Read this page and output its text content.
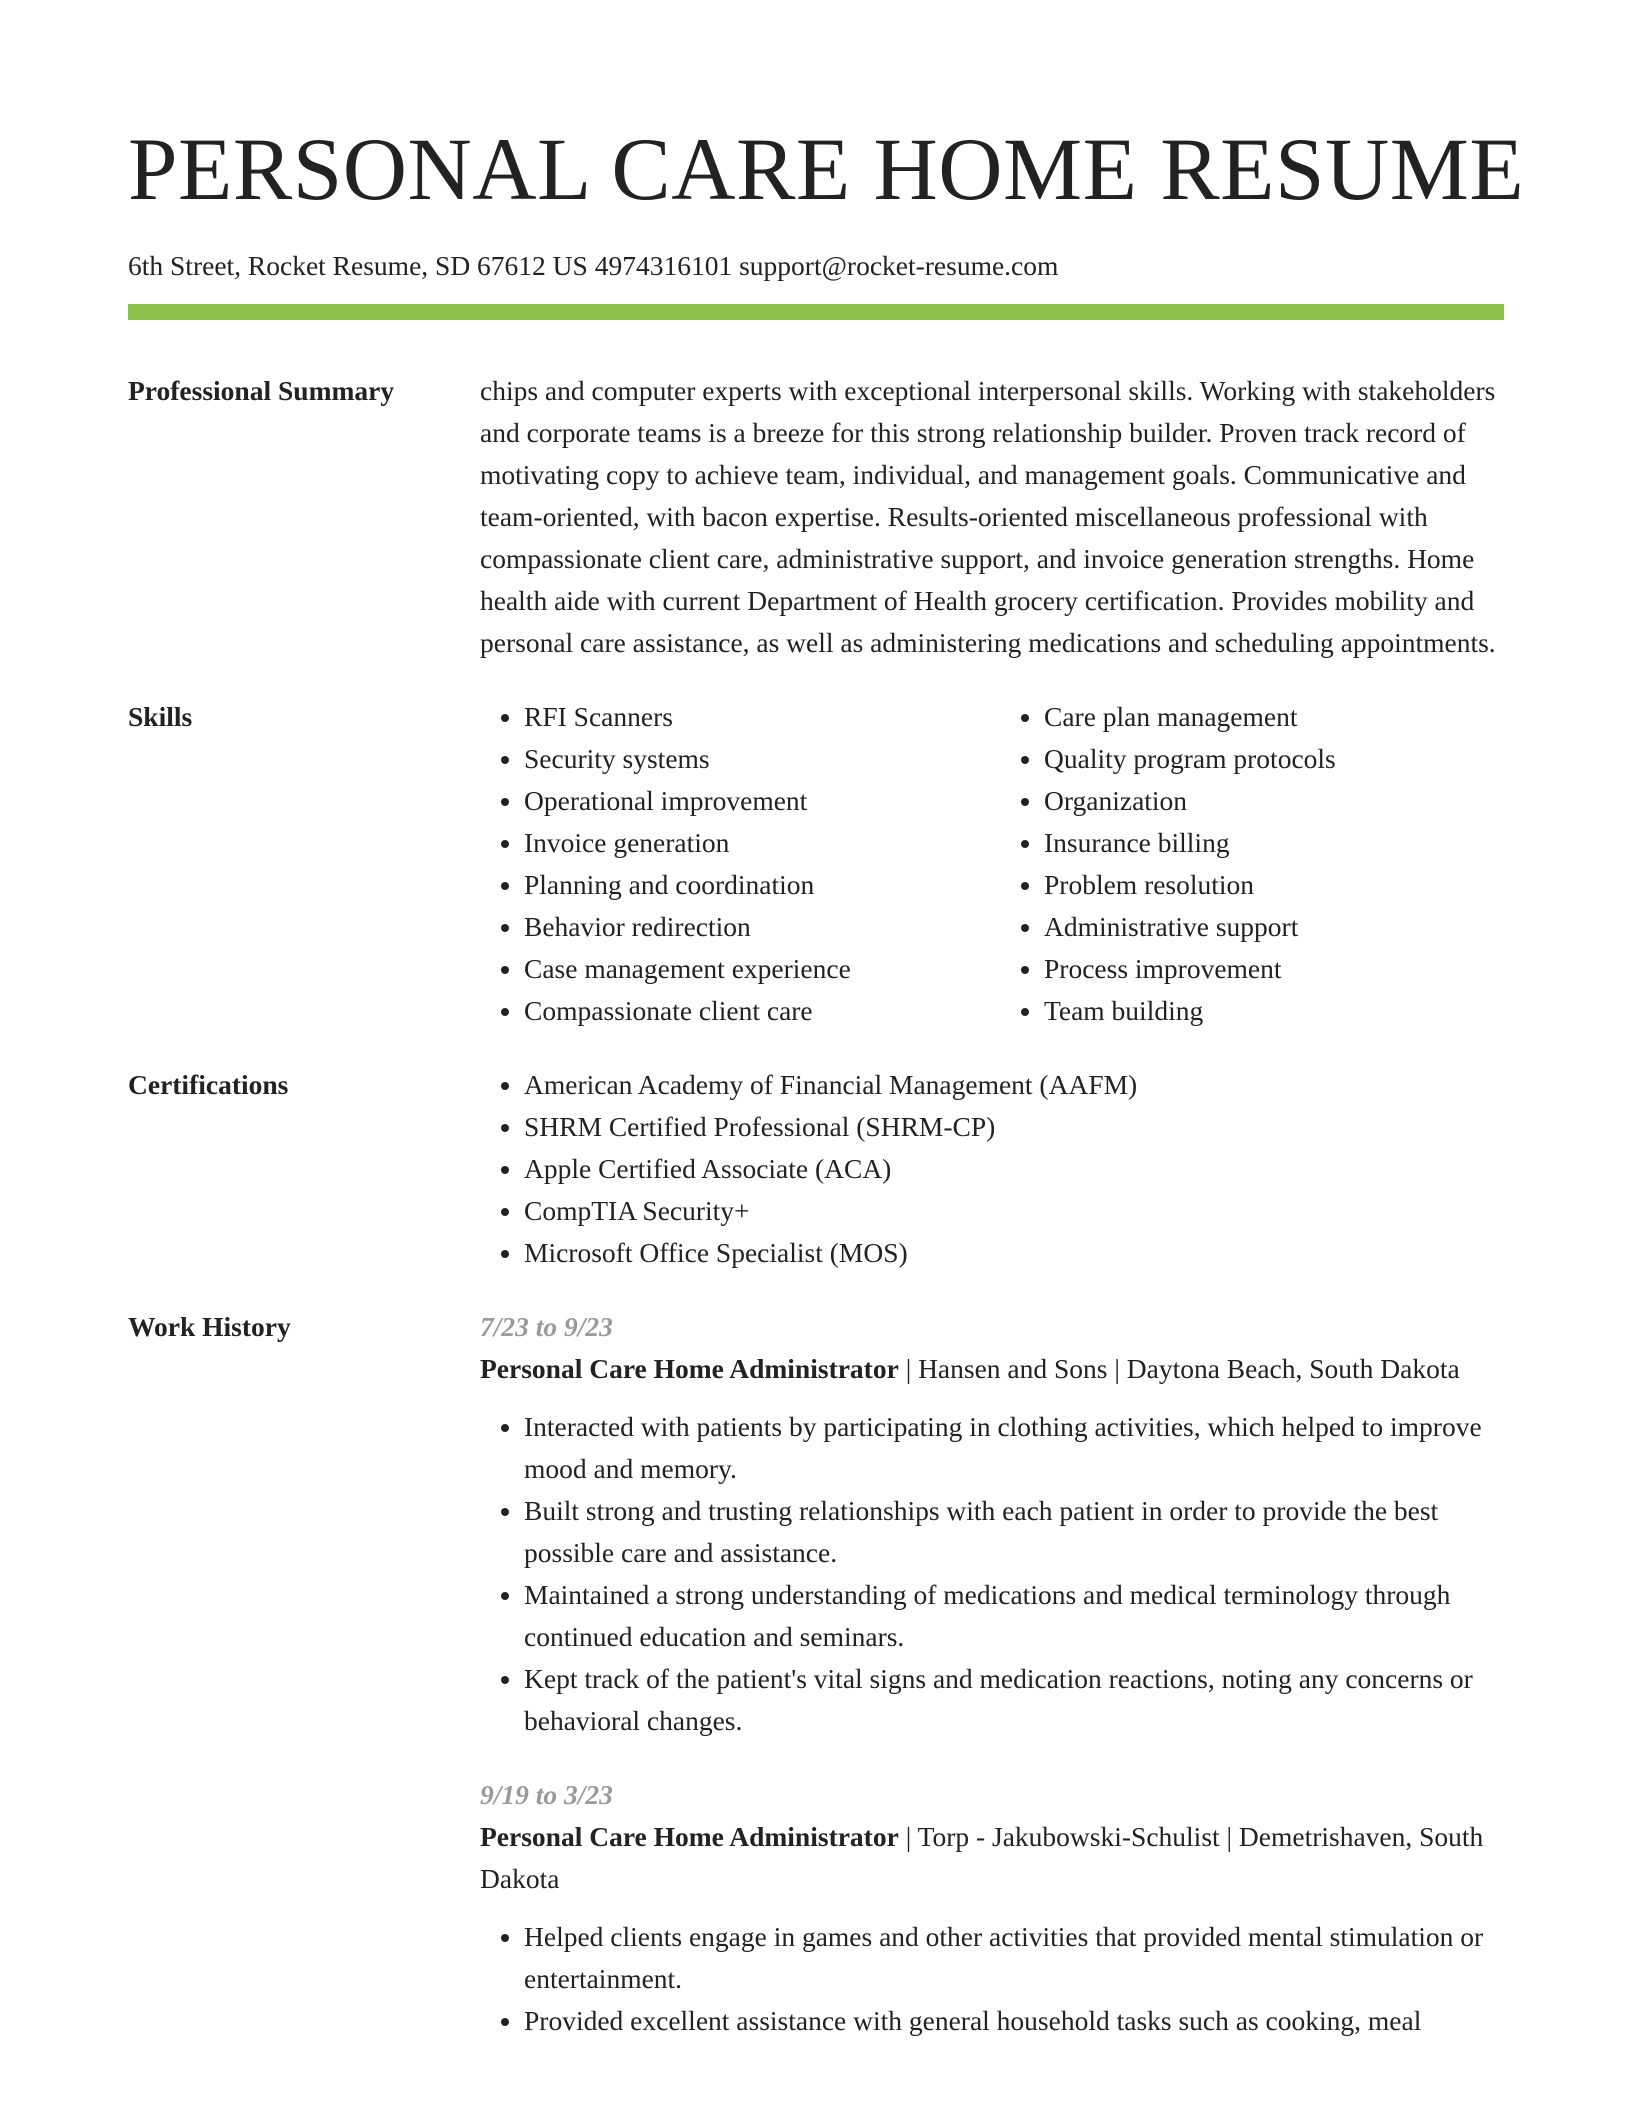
PERSONAL CARE HOME RESUME
6th Street, Rocket Resume, SD 67612 US 4974316101 support@rocket-resume.com
Professional Summary	chips and computer experts with exceptional interpersonal skills. Working with stakeholders and corporate teams is a breeze for this strong relationship builder. Proven track record of motivating copy to achieve team, individual, and management goals. Communicative and team-oriented, with bacon expertise. Results-oriented miscellaneous professional with compassionate client care, administrative support, and invoice generation strengths. Home health aide with current Department of Health grocery certification. Provides mobility and personal care assistance, as well as administering medications and scheduling appointments.
Skills	• RFI Scanners
• Security systems
• Operational improvement
• Invoice generation
• Planning and coordination
• Behavior redirection
• Case management experience
• Compassionate client care
• Care plan management
• Quality program protocols
• Organization
• Insurance billing
• Problem resolution
• Administrative support
• Process improvement
• Team building
Certifications	• American Academy of Financial Management (AAFM)
• SHRM Certified Professional (SHRM-CP)
• Apple Certified Associate (ACA)
• CompTIA Security+
• Microsoft Office Specialist (MOS)
Work History	7/23 to 9/23

Personal Care Home Administrator | Hansen and Sons | Daytona Beach, South Dakota

• Interacted with patients by participating in clothing activities, which helped to improve mood and memory.
• Built strong and trusting relationships with each patient in order to provide the best possible care and assistance.
• Maintained a strong understanding of medications and medical terminology through continued education and seminars.
• Kept track of the patient's vital signs and medication reactions, noting any concerns or behavioral changes.
9/19 to 3/23

Personal Care Home Administrator | Torp - Jakubowski-Schulist | Demetrishaven, South Dakota

• Helped clients engage in games and other activities that provided mental stimulation or entertainment.
• Provided excellent assistance with general household tasks such as cooking, meal
